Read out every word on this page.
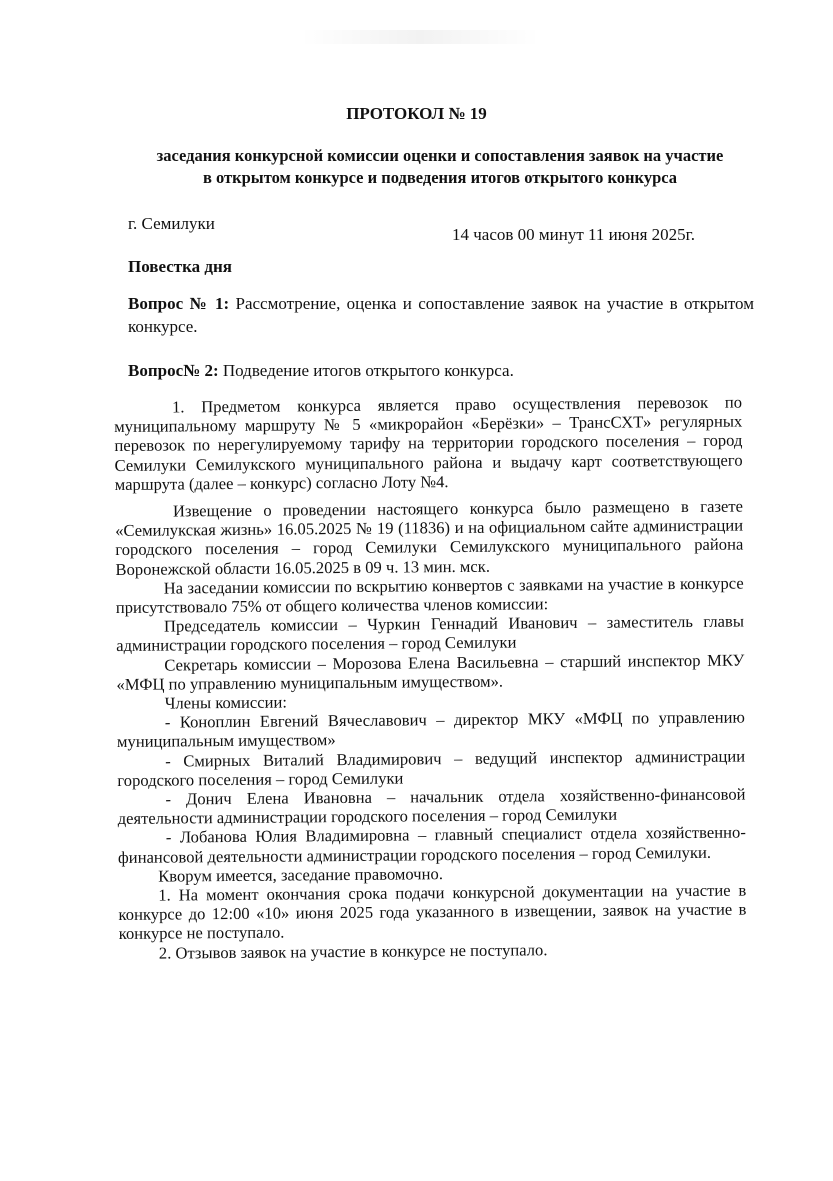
ПРОТОКОЛ № 19
заседания конкурсной комиссии оценки и сопоставления заявок на участие
в открытом конкурсе и подведения итогов открытого конкурса
г. Семилуки
14 часов 00 минут 11 июня 2025г.
Повестка дня
Вопрос № 1: Рассмотрение, оценка и сопоставление заявок на участие в открытом конкурсе.
Вопрос№ 2: Подведение итогов открытого конкурса.

1. Предметом конкурса является право осуществления перевозок по муниципальному маршруту № 5 «микрорайон «Берёзки» – ТрансСХТ» регулярных перевозок по нерегулируемому тарифу на территории городского поселения – город Семилуки Семилукского муниципального района и выдачу карт соответствующего маршрута (далее – конкурс) согласно Лоту №4.

Извещение о проведении настоящего конкурса было размещено в газете «Семилукская жизнь» 16.05.2025 № 19 (11836) и на официальном сайте администрации городского поселения – город Семилуки Семилукского муниципального района Воронежской области 16.05.2025 в 09 ч. 13 мин. мск.

На заседании комиссии по вскрытию конвертов с заявками на участие в конкурсе присутствовало 75% от общего количества членов комиссии:

Председатель комиссии – Чуркин Геннадий Иванович – заместитель главы администрации городского поселения – город Семилуки

Секретарь комиссии – Морозова Елена Васильевна – старший инспектор МКУ «МФЦ по управлению муниципальным имуществом».

Члены комиссии:

- Коноплин Евгений Вячеславович – директор МКУ «МФЦ по управлению муниципальным имуществом»

- Смирных Виталий Владимирович – ведущий инспектор администрации городского поселения – город Семилуки

- Донич Елена Ивановна – начальник отдела хозяйственно-финансовой деятельности администрации городского поселения – город Семилуки

- Лобанова Юлия Владимировна – главный специалист отдела хозяйственно-финансовой деятельности администрации городского поселения – город Семилуки.

Кворум имеется, заседание правомочно.

1. На момент окончания срока подачи конкурсной документации на участие в конкурсе до 12:00 «10» июня 2025 года указанного в извещении, заявок на участие в конкурсе не поступало.

2. Отзывов заявок на участие в конкурсе не поступало.
